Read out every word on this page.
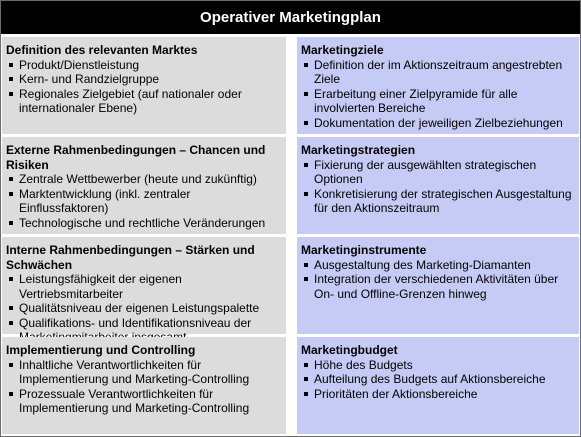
Operativer Marketingplan
Definition des relevanten Marktes
Produkt/Dienstleistung
Kern- und Randzielgruppe
Regionales Zielgebiet (auf nationaler oder internationaler Ebene)
Marketingziele
Definition der im Aktionszeitraum angestrebten Ziele
Erarbeitung einer Zielpyramide für alle involvierten Bereiche
Dokumentation der jeweiligen Zielbeziehungen
Externe Rahmenbedingungen – Chancen und Risiken
Zentrale Wettbewerber (heute und zukünftig)
Marktentwicklung (inkl. zentraler Einflussfaktoren)
Technologische und rechtliche Veränderungen
Marketingstrategien
Fixierung der ausgewählten strategischen Optionen
Konkretisierung der strategischen Ausgestaltung für den Aktionszeitraum
Interne Rahmenbedingungen – Stärken und Schwächen
Leistungsfähigkeit der eigenen Vertriebsmitarbeiter
Qualitätsniveau der eigenen Leistungspalette
Qualifikations- und Identifikationsniveau der
Marketinginstrumente
Ausgestaltung des Marketing-Diamanten
Integration der verschiedenen Aktivitäten über On- und Offline-Grenzen hinweg
Implementierung und Controlling
Inhaltliche Verantwortlichkeiten für Implementierung und Marketing-Controlling
Prozessuale Verantwortlichkeiten für Implementierung und Marketing-Controlling
Marketingbudget
Höhe des Budgets
Aufteilung des Budgets auf Aktionsbereiche
Prioritäten der Aktionsbereiche
